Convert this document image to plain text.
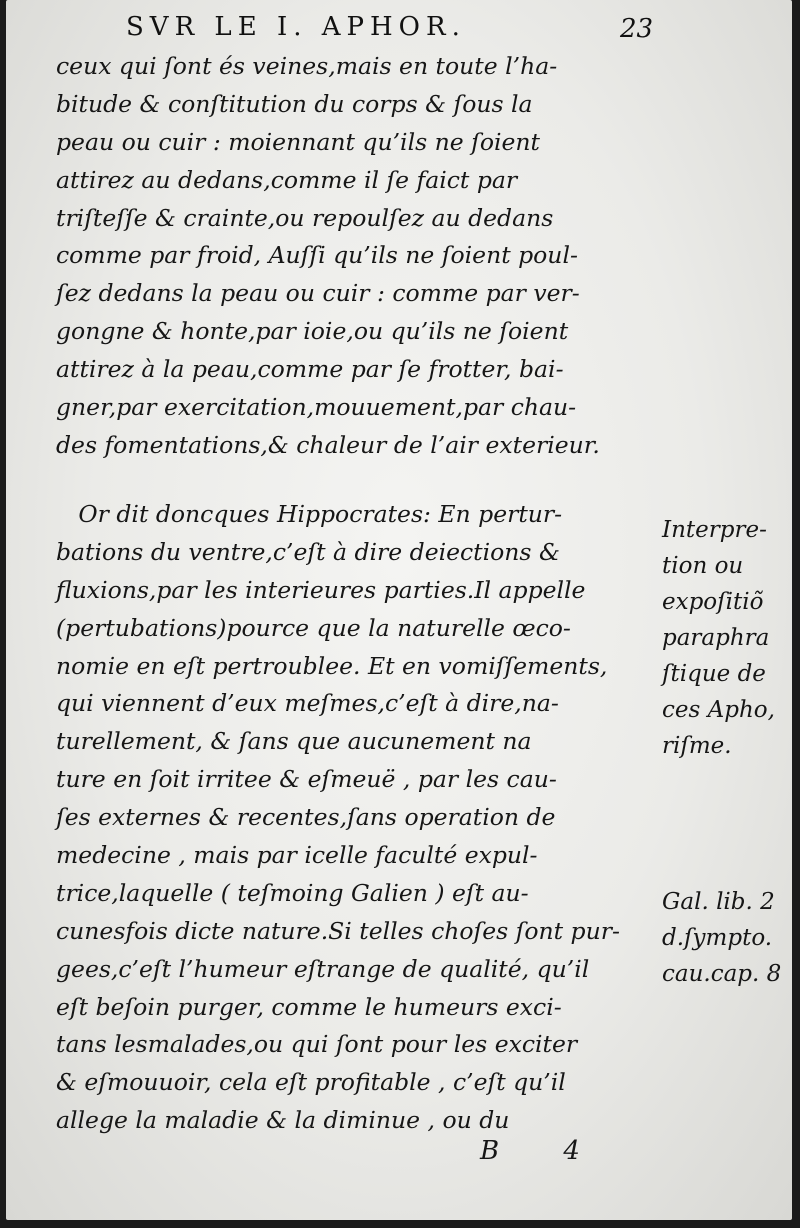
SVR LE I. APHOR.	23
ceux qui ſont és veines,mais en toute l’ha-
bitude & conſtitution du corps & ſous la
peau ou cuir : moiennant qu’ils ne ſoient
attirez au dedans,comme il ſe faict par
triſteſſe & crainte,ou repoulſez au dedans
comme par froid, Auſſi qu’ils ne ſoient poul-
ſez dedans la peau ou cuir : comme par ver-
gongne & honte,par ioie,ou qu’ils ne ſoient
attirez à la peau,comme par ſe frotter, bai-
gner,par exercitation,mouuement,par chau-
des fomentations,& chaleur de l’air exterieur.
Or dit doncques Hippocrates: En pertur-
bations du ventre,c’eſt à dire deiections &
fluxions,par les interieures parties.Il appelle
(pertubations)pource que la naturelle œco-
nomie en eſt pertroublee. Et en vomiſſements,
qui viennent d’eux meſmes,c’eſt à dire,na-
turellement, & ſans que aucunement na
ture en ſoit irritee & eſmeuë , par les cau-
ſes externes & recentes,ſans operation de
medecine , mais par icelle faculté expul-
trice,laquelle ( teſmoing Galien ) eſt au-
cunesfois dicte nature.Si telles choſes ſont pur-
gees,c’eſt l’humeur eſtrange de qualité, qu’il
eſt beſoin purger, comme le humeurs exci-
tans lesmalades,ou qui ſont pour les exciter
& eſmouuoir, cela eſt profitable , c’eſt qu’il
allege la maladie & la diminue , ou du
Interpre-
tion ou
expoſitiõ
paraphra
ſtique de
ces Apho,
riſme.
Gal. lib. 2
d.ſympto.
cau.cap. 8
B 4
